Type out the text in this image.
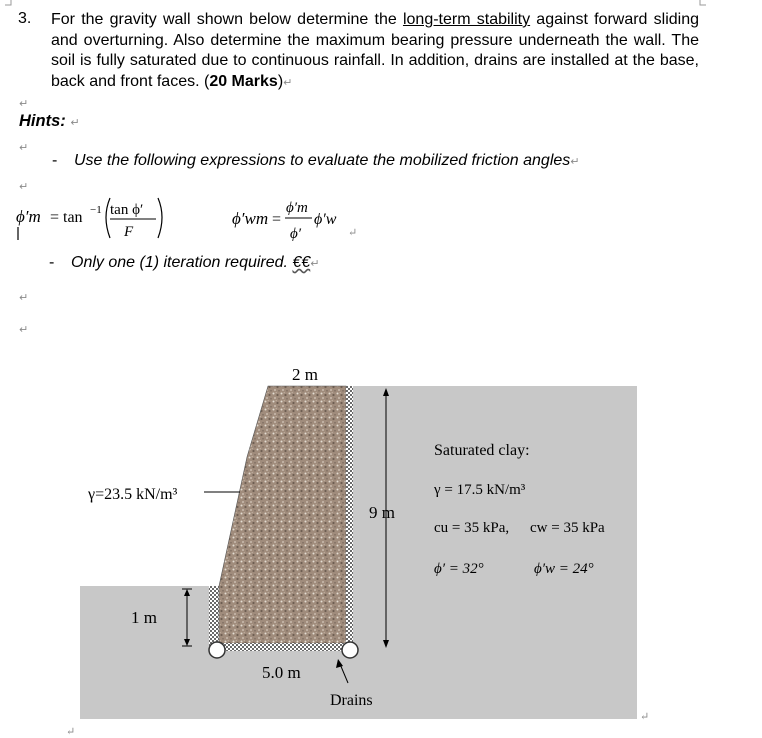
3. For the gravity wall shown below determine the long-term stability against forward sliding and overturning. Also determine the maximum bearing pressure underneath the wall. The soil is fully saturated due to continuous rainfall. In addition, drains are installed at the base, back and front faces. (20 Marks)↵
↵
Hints: ↵
↵
- Use the following expressions to evaluate the mobilized friction angles↵
↵
ϕ′m = tan −1 tan ϕ′
F
ϕ′wm =
ϕ′m
ϕ′
ϕ′w
↵
- Only one (1) iteration required. €€↵
↵
↵
2 m
γ=23.5 kN/m³
9 m
1 m
5.0 m
Drains
Saturated clay:
γ = 17.5 kN/m³
cu = 35 kPa, cw = 35 kPa
ϕ′ = 32°	ϕ′w = 24°
↵
↵
